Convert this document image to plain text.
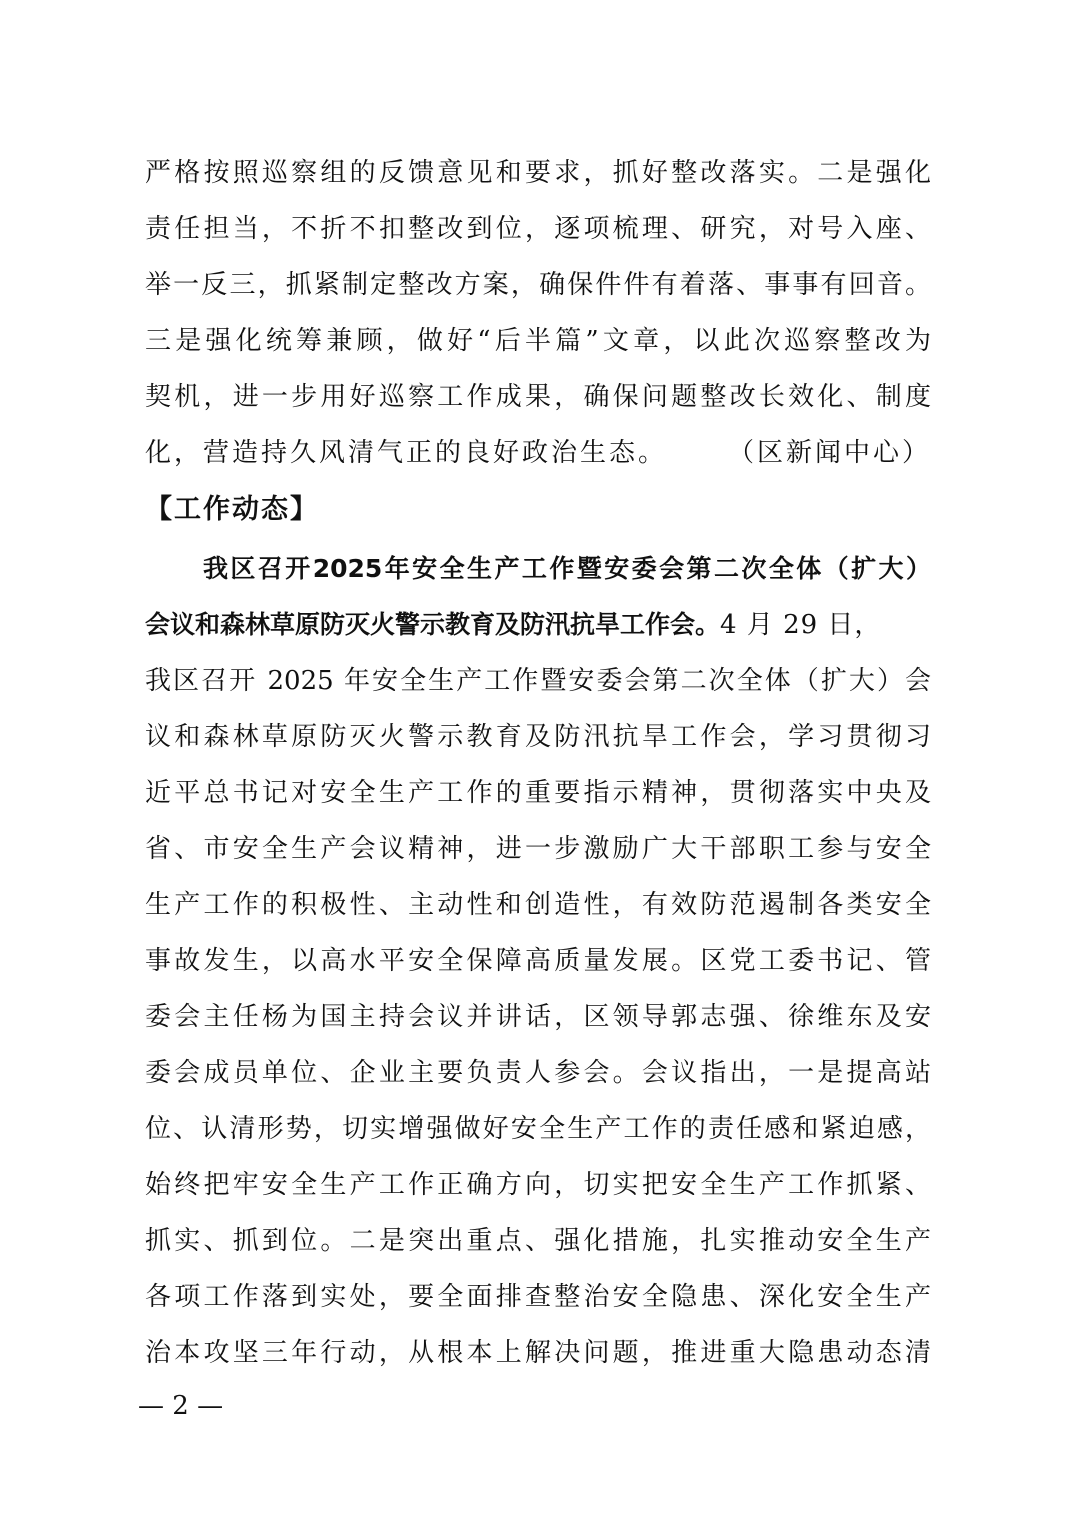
严格按照巡察组的反馈意见和要求，抓好整改落实。二是强化
责任担当，不折不扣整改到位，逐项梳理、研究，对号入座、
举一反三，抓紧制定整改方案，确保件件有着落、事事有回音。
三是强化统筹兼顾，做好“后半篇”文章，以此次巡察整改为
契机，进一步用好巡察工作成果，确保问题整改长效化、制度
化，营造持久风清气正的良好政治生态。 （区新闻中心）
【工作动态】
我区召开2025年安全生产工作暨安委会第二次全体（扩大）
会议和森林草原防灭火警示教育及防汛抗旱工作会。4 月 29 日，
我区召开 2025 年安全生产工作暨安委会第二次全体（扩大）会
议和森林草原防灭火警示教育及防汛抗旱工作会，学习贯彻习
近平总书记对安全生产工作的重要指示精神，贯彻落实中央及
省、市安全生产会议精神，进一步激励广大干部职工参与安全
生产工作的积极性、主动性和创造性，有效防范遏制各类安全
事故发生，以高水平安全保障高质量发展。区党工委书记、管
委会主任杨为国主持会议并讲话，区领导郭志强、徐维东及安
委会成员单位、企业主要负责人参会。会议指出，一是提高站
位、认清形势，切实增强做好安全生产工作的责任感和紧迫感，
始终把牢安全生产工作正确方向，切实把安全生产工作抓紧、
抓实、抓到位。二是突出重点、强化措施，扎实推动安全生产
各项工作落到实处，要全面排查整治安全隐患、深化安全生产
治本攻坚三年行动，从根本上解决问题，推进重大隐患动态清
— 2 —
